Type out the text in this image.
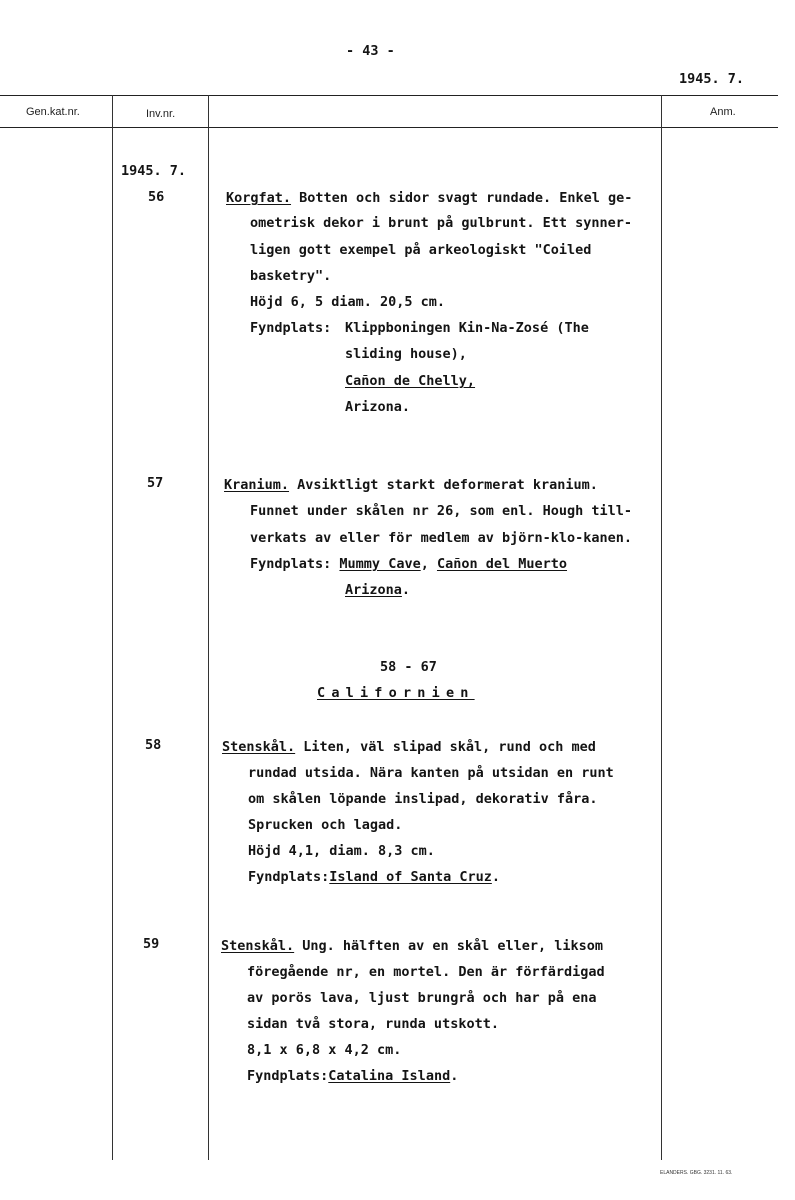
- 43 -
1945. 7.
Gen.kat.nr.	Inv.nr.	Anm.
1945. 7.
56	Korgfat. Botten och sidor svagt rundade. Enkel ge-
ometrisk dekor i brunt på gulbrunt. Ett synner-
ligen gott exempel på arkeologiskt "Coiled
basketry".
Höjd 6, 5 diam. 20,5 cm.
Fyndplats: Klippboningen Kin-Na-Zosé (The
sliding house),
Cañon de Chelly,
Arizona.
57	Kranium. Avsiktligt starkt deformerat kranium.
Funnet under skålen nr 26, som enl. Hough till-
verkats av eller för medlem av björn-klo-kanen.
Fyndplats: Mummy Cave, Cañon del Muerto
Arizona.
58 - 67
Californien
58	Stenskål. Liten, väl slipad skål, rund och med
rundad utsida. Nära kanten på utsidan en runt
om skålen löpande inslipad, dekorativ fåra.
Sprucken och lagad.
Höjd 4,1, diam. 8,3 cm.
Fyndplats:Island of Santa Cruz.
59	Stenskål. Ung. hälften av en skål eller, liksom
föregående nr, en mortel. Den är förfärdigad
av porös lava, ljust brungrå och har på ena
sidan två stora, runda utskott.
8,1 x 6,8 x 4,2 cm.
Fyndplats:Catalina Island.
ELANDERS. GBG. 3231. 11. 63.
